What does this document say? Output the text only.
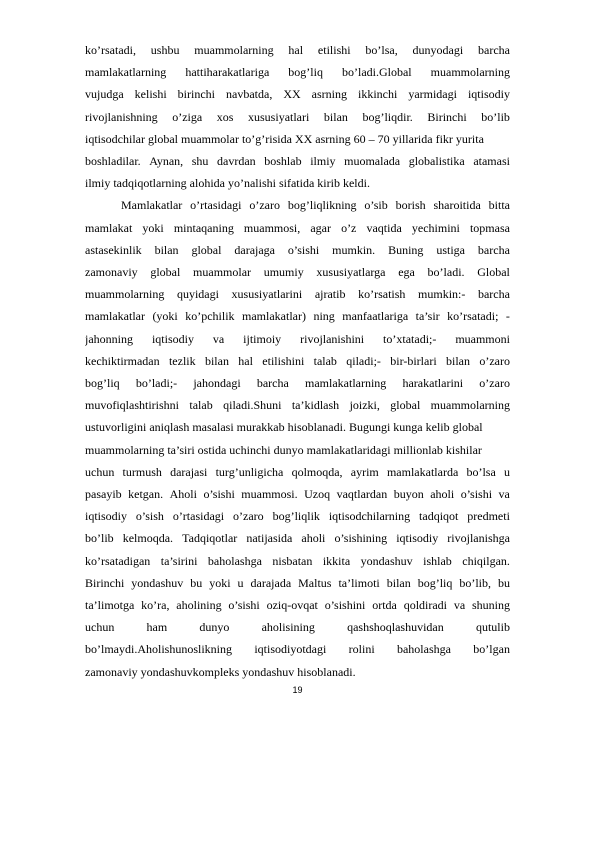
ko’rsatadi, ushbu muammolarning hal etilishi bo’lsa, dunyodagi barcha
mamlakatlarning hattiharakatlariga bog’liq bo’ladi.Global muammolarning
vujudga kelishi birinchi navbatda, XX asrning ikkinchi yarmidagi iqtisodiy
rivojlanishning o’ziga xos xususiyatlari bilan bog’liqdir. Birinchi bo’lib
iqtisodchilar global muammolar to’g’risida XX asrning 60 – 70 yillarida fikr yurita
boshladilar. Aynan, shu davrdan boshlab ilmiy muomalada globalistika atamasi
ilmiy tadqiqotlarning alohida yo’nalishi sifatida kirib keldi.
Mamlakatlar o’rtasidagi o’zaro bog’liqlikning o’sib borish sharoitida bitta
mamlakat yoki mintaqaning muammosi, agar o’z vaqtida yechimini topmasa
astasekinlik bilan global darajaga o’sishi mumkin. Buning ustiga barcha
zamonaviy global muammolar umumiy xususiyatlarga ega bo’ladi. Global
muammolarning quyidagi xususiyatlarini ajratib ko’rsatish mumkin:- barcha
mamlakatlar (yoki ko’pchilik mamlakatlar) ning manfaatlariga ta’sir ko’rsatadi; -
jahonning iqtisodiy va ijtimoiy rivojlanishini to’xtatadi;- muammoni
kechiktirmadan tezlik bilan hal etilishini talab qiladi;- bir-birlari bilan o’zaro
bog’liq bo’ladi;- jahondagi barcha mamlakatlarning harakatlarini o’zaro
muvofiqlashtirishni talab qiladi.Shuni ta’kidlash joizki, global muammolarning
ustuvorligini aniqlash masalasi murakkab hisoblanadi. Bugungi kunga kelib global
muammolarning ta’siri ostida uchinchi dunyo mamlakatlaridagi millionlab kishilar
uchun turmush darajasi turg’unligicha qolmoqda, ayrim mamlakatlarda bo’lsa u
pasayib ketgan. Aholi o’sishi muammosi. Uzoq vaqtlardan buyon aholi o’sishi va
iqtisodiy o’sish o’rtasidagi o’zaro bog’liqlik iqtisodchilarning tadqiqot predmeti
bo’lib kelmoqda. Tadqiqotlar natijasida aholi o’sishining iqtisodiy rivojlanishga
ko’rsatadigan ta’sirini baholashga nisbatan ikkita yondashuv ishlab chiqilgan.
Birinchi yondashuv bu yoki u darajada Maltus ta’limoti bilan bog’liq bo’lib, bu
ta’limotga ko’ra, aholining o’sishi oziq-ovqat o’sishini ortda qoldiradi va shuning
uchun	ham	dunyo	aholisining	qashshoqlashuvidan	qutulib
bo’lmaydi.Aholishunoslikning iqtisodiyotdagi rolini baholashga bo’lgan
zamonaviy yondashuvkompleks yondashuv hisoblanadi.
19
